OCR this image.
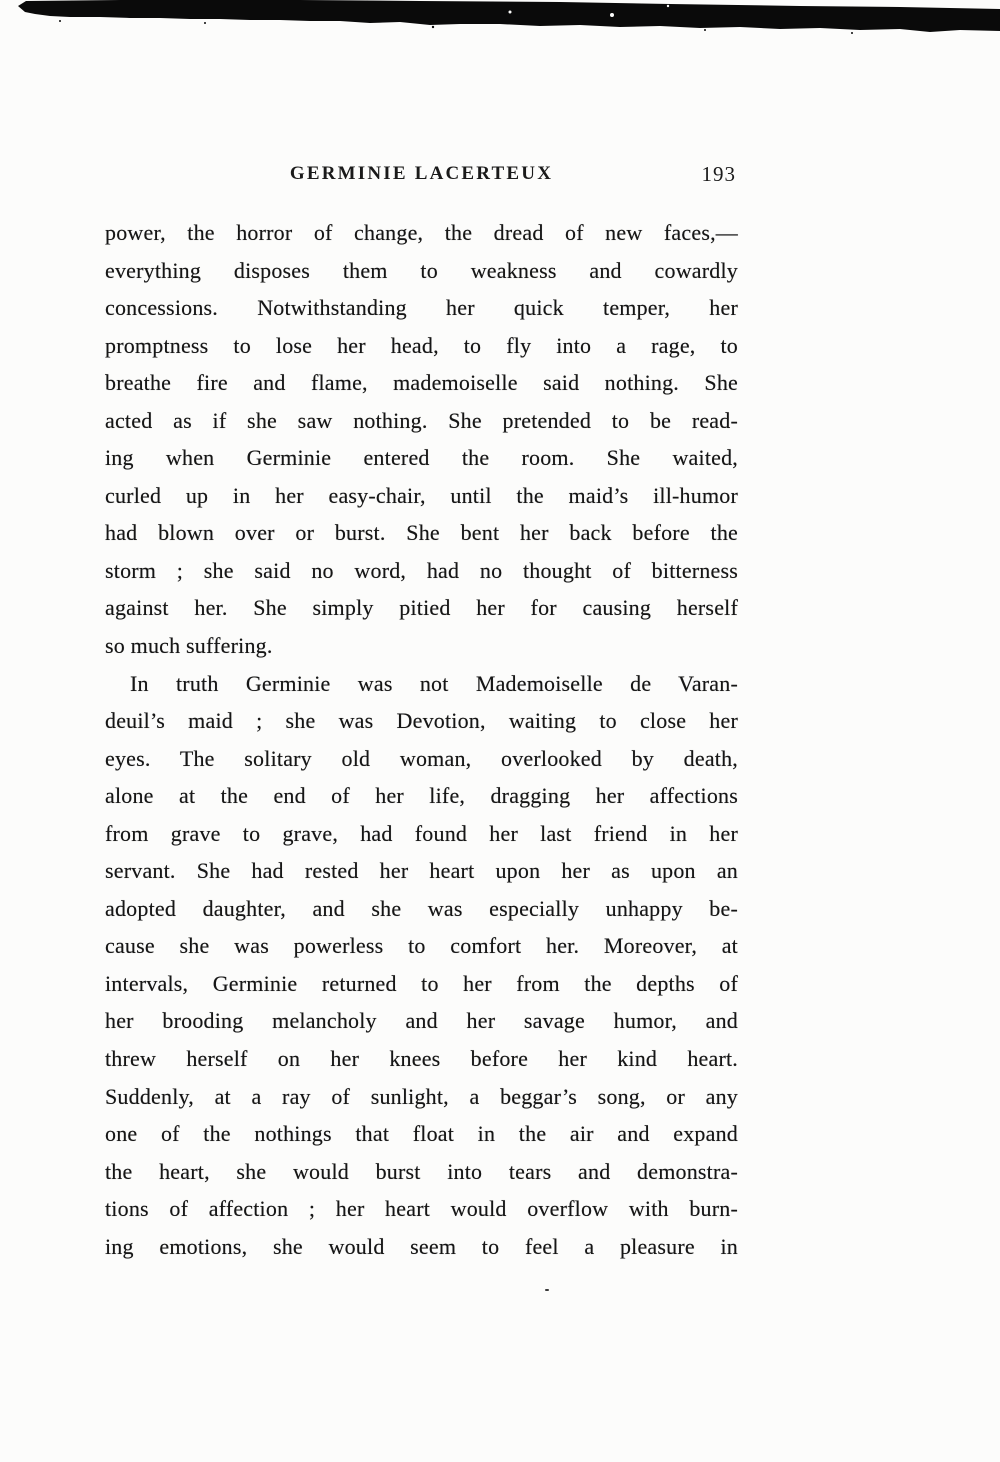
GERMINIE LACERTEUX	193
power, the horror of change, the dread of new faces,—
everything disposes them to weakness and cowardly
concessions. Notwithstanding her quick temper, her
promptness to lose her head, to fly into a rage, to
breathe fire and flame, mademoiselle said nothing. She
acted as if she saw nothing. She pretended to be read-
ing when Germinie entered the room. She waited,
curled up in her easy-chair, until the maid’s ill-humor
had blown over or burst. She bent her back before the
storm ; she said no word, had no thought of bitterness
against her. She simply pitied her for causing herself
so much suffering.
In truth Germinie was not Mademoiselle de Varan-
deuil’s maid ; she was Devotion, waiting to close her
eyes. The solitary old woman, overlooked by death,
alone at the end of her life, dragging her affections
from grave to grave, had found her last friend in her
servant. She had rested her heart upon her as upon an
adopted daughter, and she was especially unhappy be-
cause she was powerless to comfort her. Moreover, at
intervals, Germinie returned to her from the depths of
her brooding melancholy and her savage humor, and
threw herself on her knees before her kind heart.
Suddenly, at a ray of sunlight, a beggar’s song, or any
one of the nothings that float in the air and expand
the heart, she would burst into tears and demonstra-
tions of affection ; her heart would overflow with burn-
ing emotions, she would seem to feel a pleasure in
